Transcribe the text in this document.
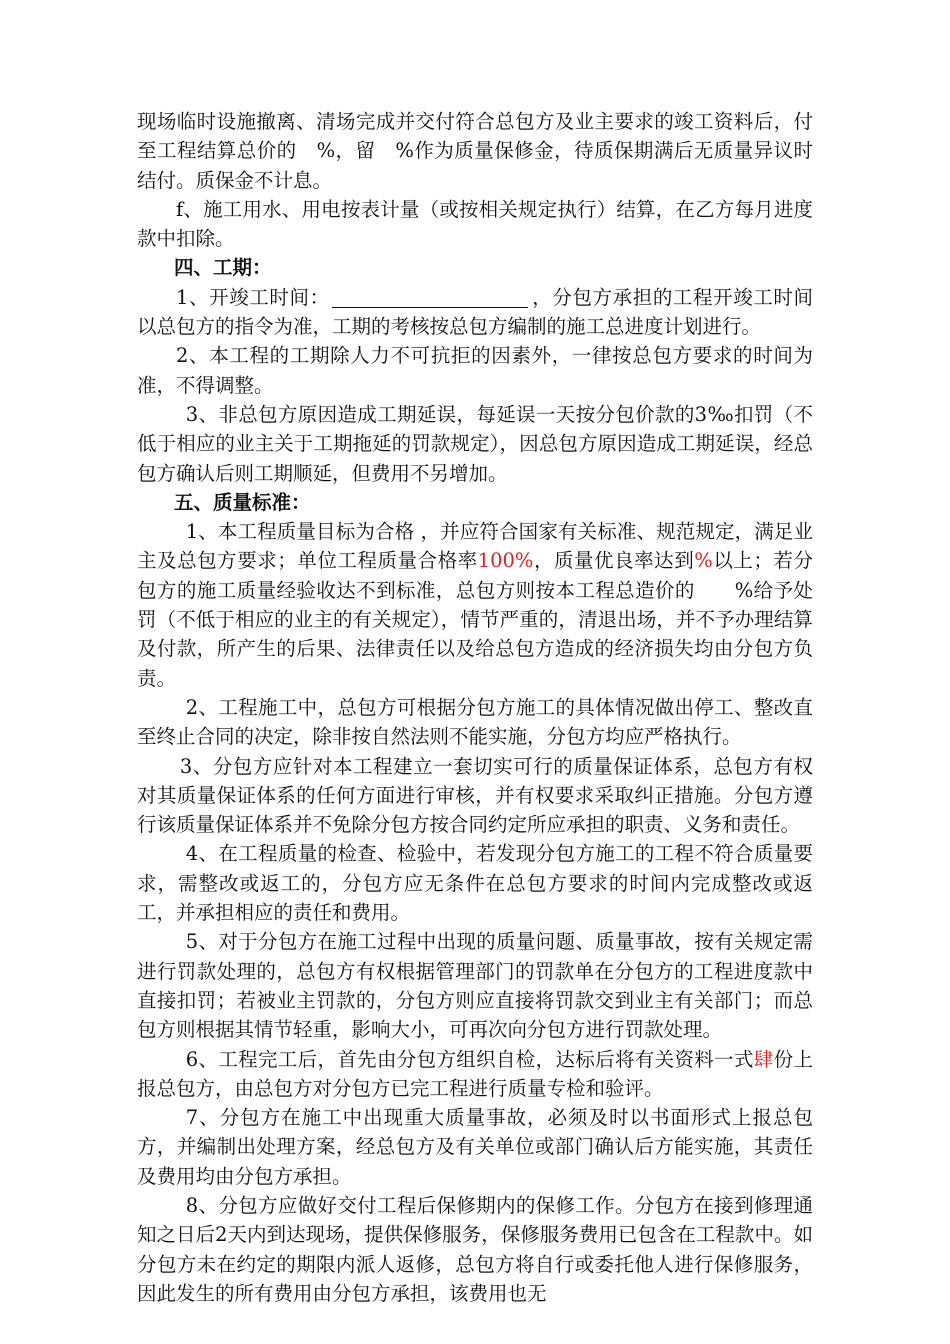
现场临时设施撤离、清场完成并交付符合总包方及业主要求的竣工资料后，付至工程结算总价的　%，留　%作为质量保修金，待质保期满后无质量异议时结付。质保金不计息。

f、施工用水、用电按表计量（或按相关规定执行）结算，在乙方每月进度款中扣除。

四、工期：

1、开竣工时间：	，分包方承担的工程开竣工时间以总包方的指令为准，工期的考核按总包方编制的施工总进度计划进行。

2、本工程的工期除人力不可抗拒的因素外，一律按总包方要求的时间为准，不得调整。

3、非总包方原因造成工期延误，每延误一天按分包价款的3‰扣罚（不低于相应的业主关于工期拖延的罚款规定），因总包方原因造成工期延误，经总包方确认后则工期顺延，但费用不另增加。

五、质量标准：

1、本工程质量目标为合格 ，并应符合国家有关标准、规范规定，满足业主及总包方要求；单位工程质量合格率100%，质量优良率达到%以上；若分包方的施工质量经验收达不到标准，总包方则按本工程总造价的　　%给予处罚（不低于相应的业主的有关规定），情节严重的，清退出场，并不予办理结算及付款，所产生的后果、法律责任以及给总包方造成的经济损失均由分包方负责。

2、工程施工中，总包方可根据分包方施工的具体情况做出停工、整改直至终止合同的决定，除非按自然法则不能实施，分包方均应严格执行。

3、分包方应针对本工程建立一套切实可行的质量保证体系，总包方有权对其质量保证体系的任何方面进行审核，并有权要求采取纠正措施。分包方遵行该质量保证体系并不免除分包方按合同约定所应承担的职责、义务和责任。

4、在工程质量的检查、检验中，若发现分包方施工的工程不符合质量要求，需整改或返工的，分包方应无条件在总包方要求的时间内完成整改或返工，并承担相应的责任和费用。

5、对于分包方在施工过程中出现的质量问题、质量事故，按有关规定需进行罚款处理的，总包方有权根据管理部门的罚款单在分包方的工程进度款中直接扣罚；若被业主罚款的，分包方则应直接将罚款交到业主有关部门；而总包方则根据其情节轻重，影响大小，可再次向分包方进行罚款处理。

6、工程完工后，首先由分包方组织自检，达标后将有关资料一式肆份上报总包方，由总包方对分包方已完工程进行质量专检和验评。

7、分包方在施工中出现重大质量事故，必须及时以书面形式上报总包方，并编制出处理方案，经总包方及有关单位或部门确认后方能实施，其责任及费用均由分包方承担。

8、分包方应做好交付工程后保修期内的保修工作。分包方在接到修理通知之日后2天内到达现场，提供保修服务，保修服务费用已包含在工程款中。如分包方未在约定的期限内派人返修，总包方将自行或委托他人进行保修服务，因此发生的所有费用由分包方承担，该费用也无
